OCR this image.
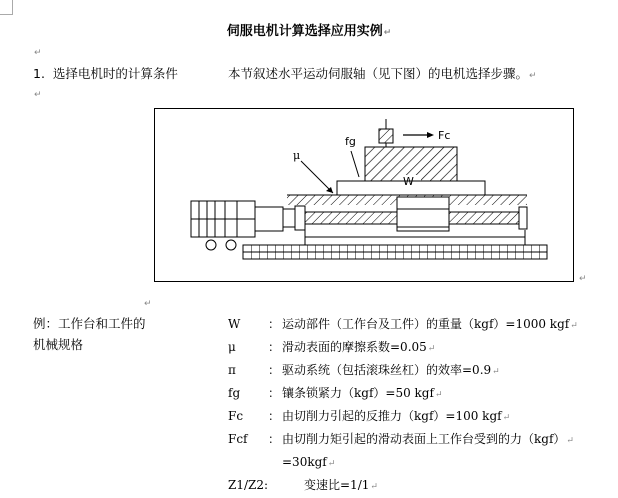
伺服电机计算选择应用实例↵
↵
1. 选择电机时的计算条件	本节叙述水平运动伺服轴（见下图）的电机选择步骤。↵
↵
μ
fg	Fc
W
↵
↵
例：工作台和工件的
机械规格
W ： 运动部件（工作台及工件）的重量（kgf）=1000 kgf↵
μ	： 滑动表面的摩擦系数=0.05↵
π	： 驱动系统（包括滚珠丝杠）的效率=0.9↵
fg ： 镶条锁紧力（kgf）=50 kgf↵
Fc ： 由切削力引起的反推力（kgf）=100 kgf↵
Fcf ： 由切削力矩引起的滑动表面上工作台受到的力（kgf）↵
=30kgf↵
Z1/Z2:	变速比=1/1↵
